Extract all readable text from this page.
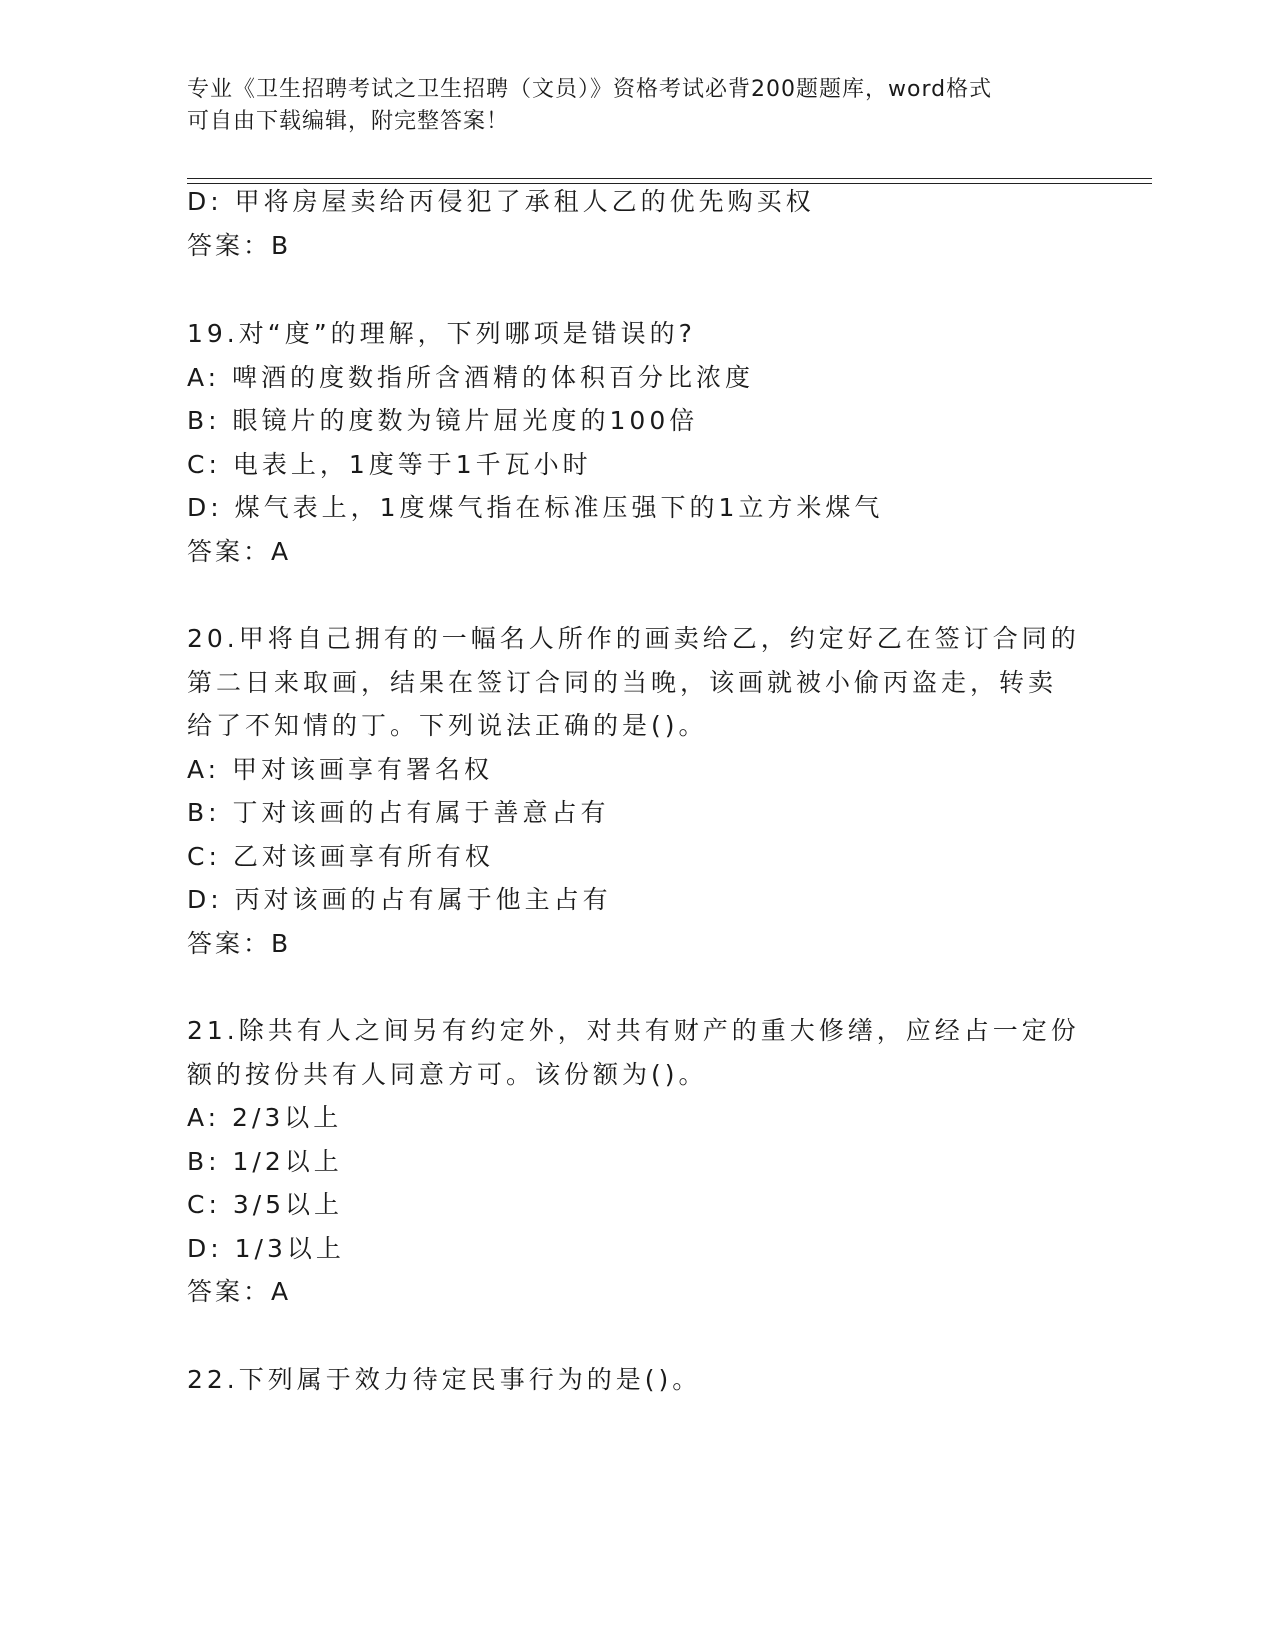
专业《卫生招聘考试之卫生招聘（文员）》资格考试必背200题题库，word格式
可自由下载编辑，附完整答案！
D: 甲将房屋卖给丙侵犯了承租人乙的优先购买权
答案：B
19.对“度”的理解，下列哪项是错误的?
A: 啤酒的度数指所含酒精的体积百分比浓度
B: 眼镜片的度数为镜片屈光度的100倍
C: 电表上，1度等于1千瓦小时
D: 煤气表上，1度煤气指在标准压强下的1立方米煤气
答案：A
20.甲将自己拥有的一幅名人所作的画卖给乙，约定好乙在签订合同的
第二日来取画，结果在签订合同的当晚，该画就被小偷丙盗走，转卖
给了不知情的丁。下列说法正确的是()。
A: 甲对该画享有署名权
B: 丁对该画的占有属于善意占有
C: 乙对该画享有所有权
D: 丙对该画的占有属于他主占有
答案：B
21.除共有人之间另有约定外，对共有财产的重大修缮，应经占一定份
额的按份共有人同意方可。该份额为()。
A: 2/3以上
B: 1/2以上
C: 3/5以上
D: 1/3以上
答案：A
22.下列属于效力待定民事行为的是()。
